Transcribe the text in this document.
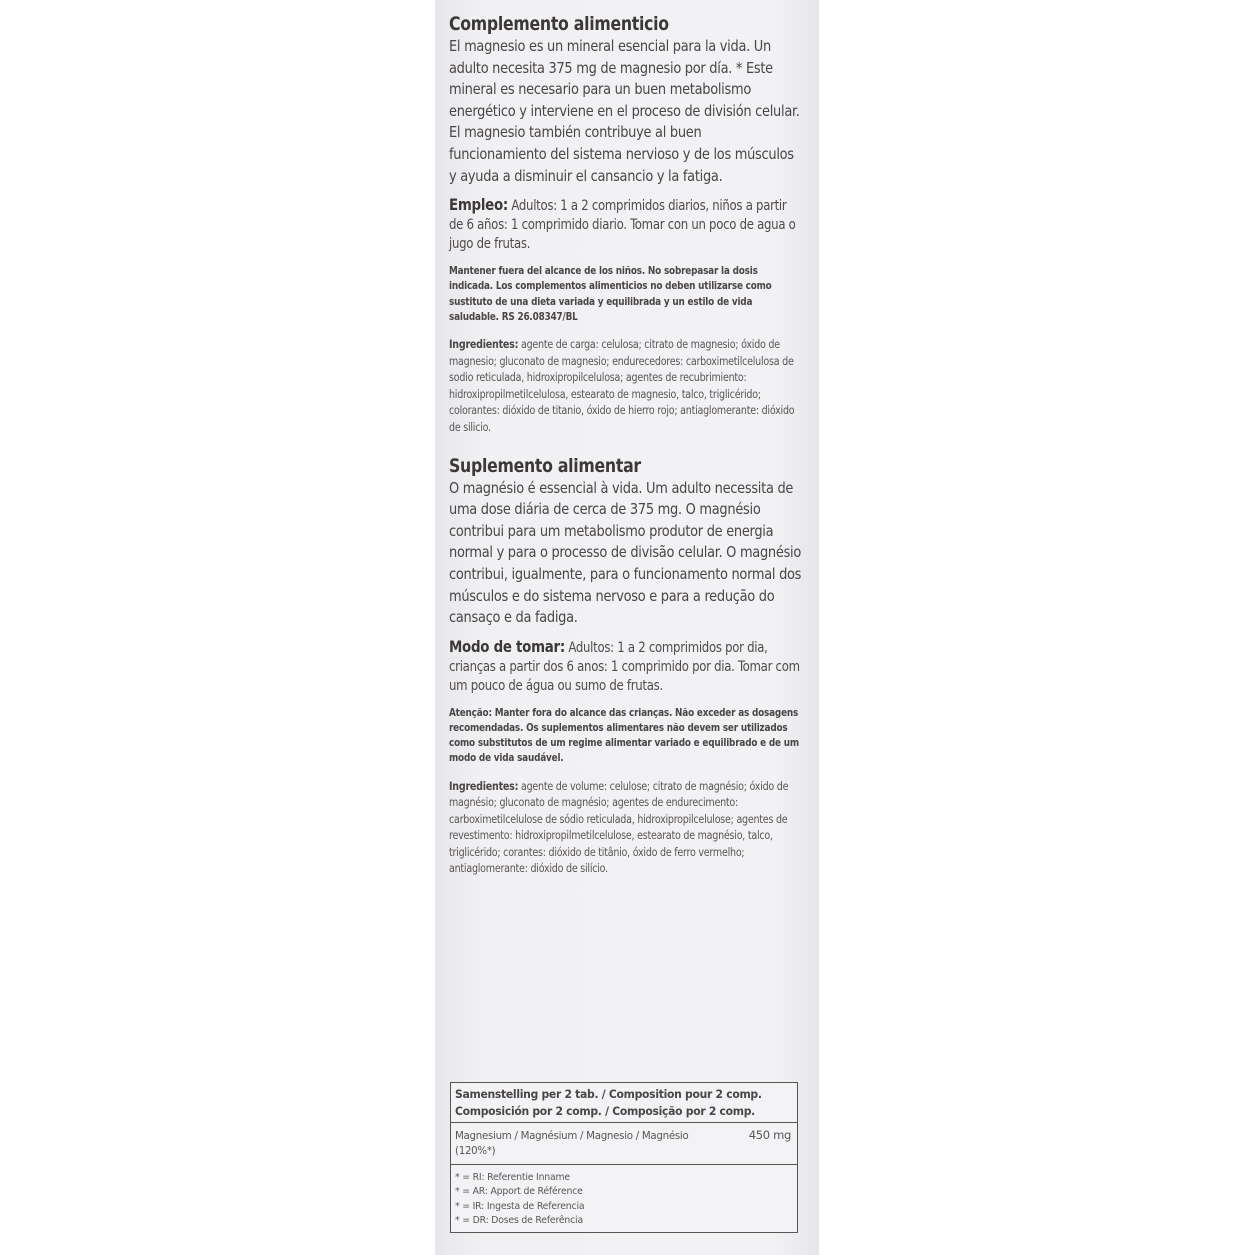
Complemento alimenticio

El magnesio es un mineral esencial para la vida. Un adulto necesita 375 mg de magnesio por día. * Este mineral es necesario para un buen metabolismo energético y interviene en el proceso de división celular. El magnesio también contribuye al buen funcionamiento del sistema nervioso y de los músculos y ayuda a disminuir el cansancio y la fatiga.

Empleo: Adultos: 1 a 2 comprimidos diarios, niños a partir de 6 años: 1 comprimido diario. Tomar con un poco de agua o jugo de frutas.

Mantener fuera del alcance de los niños. No sobrepasar la dosis indicada. Los complementos alimenticios no deben utilizarse como sustituto de una dieta variada y equilibrada y un estilo de vida saludable. RS 26.08347/BL

Ingredientes: agente de carga: celulosa; citrato de magnesio; óxido de magnesio; gluconato de magnesio; endurecedores: carboximetilcelulosa de sodio reticulada, hidroxipropilcelulosa; agentes de recubrimiento: hidroxipropilmetilcelulosa, estearato de magnesio, talco, triglicérido; colorantes: dióxido de titanio, óxido de hierro rojo; antiaglomerante: dióxido de silicio.

Suplemento alimentar

O magnésio é essencial à vida. Um adulto necessita de uma dose diária de cerca de 375 mg. O magnésio contribui para um metabolismo produtor de energia normal y para o processo de divisão celular. O magnésio contribui, igualmente, para o funcionamento normal dos músculos e do sistema nervoso e para a redução do cansaço e da fadiga.

Modo de tomar: Adultos: 1 a 2 comprimidos por dia, crianças a partir dos 6 anos: 1 comprimido por dia. Tomar com um pouco de água ou sumo de frutas.

Atenção: Manter fora do alcance das crianças. Não exceder as dosagens recomendadas. Os suplementos alimentares não devem ser utilizados como substitutos de um regime alimentar variado e equilibrado e de um modo de vida saudável.

Ingredientes: agente de volume: celulose; citrato de magnésio; óxido de magnésio; gluconato de magnésio; agentes de endurecimento: carboximetilcelulose de sódio reticulada, hidroxipropilcelulose; agentes de revestimento: hidroxipropilmetilcelulose, estearato de magnésio, talco, triglicérido; corantes: dióxido de titânio, óxido de ferro vermelho; antiaglomerante: dióxido de silício.

Samenstelling per 2 tab. / Composition pour 2 comp.
Composición por 2 comp. / Composição por 2 comp.
Magnesium / Magnésium / Magnesio / Magnésio (120%*)
450 mg
* = RI: Referentie Inname
* = AR: Apport de Référence
* = IR: Ingesta de Referencia
* = DR: Doses de Referência
